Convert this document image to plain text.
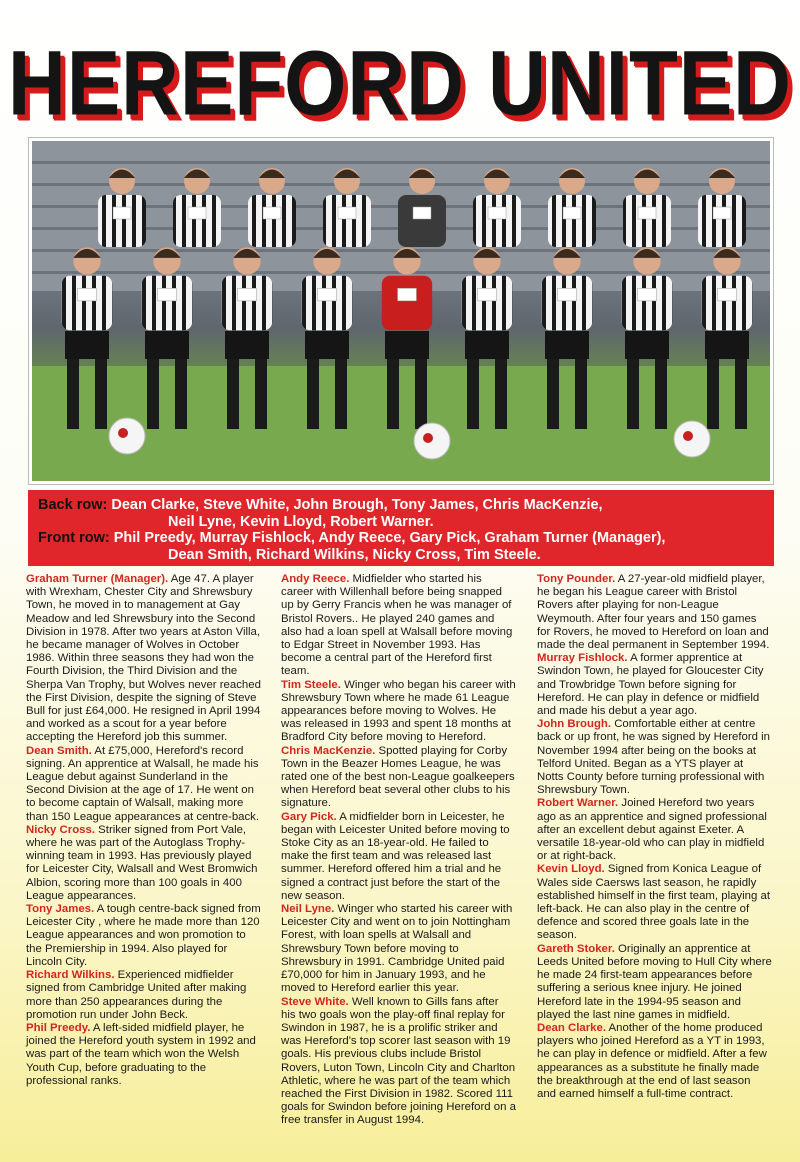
HEREFORD UNITED
Back row: Dean Clarke, Steve White, John Brough, Tony James, Chris MacKenzie,
Neil Lyne, Kevin Lloyd, Robert Warner.
Front row: Phil Preedy, Murray Fishlock, Andy Reece, Gary Pick, Graham Turner (Manager),
Dean Smith, Richard Wilkins, Nicky Cross, Tim Steele.

Graham Turner (Manager). Age 47. A player with Wrexham, Chester City and Shrewsbury Town, he moved in to management at Gay Meadow and led Shrewsbury into the Second Division in 1978. After two years at Aston Villa, he became manager of Wolves in October 1986. Within three seasons they had won the Fourth Division, the Third Division and the Sherpa Van Trophy, but Wolves never reached the First Division, despite the signing of Steve Bull for just £64,000. He resigned in April 1994 and worked as a scout for a year before accepting the Hereford job this summer.

Dean Smith. At £75,000, Hereford's record signing. An apprentice at Walsall, he made his League debut against Sunderland in the Second Division at the age of 17. He went on to become captain of Walsall, making more than 150 League appearances at centre-back.

Nicky Cross. Striker signed from Port Vale, where he was part of the Autoglass Trophy-winning team in 1993. Has previously played for Leicester City, Walsall and West Bromwich Albion, scoring more than 100 goals in 400 League appearances.

Tony James. A tough centre-back signed from Leicester City , where he made more than 120 League appearances and won promotion to the Premiership in 1994. Also played for Lincoln City.

Richard Wilkins. Experienced midfielder signed from Cambridge United after making more than 250 appearances during the promotion run under John Beck.

Phil Preedy. A left-sided midfield player, he joined the Hereford youth system in 1992 and was part of the team which won the Welsh Youth Cup, before graduating to the professional ranks.

Andy Reece. Midfielder who started his career with Willenhall before being snapped up by Gerry Francis when he was manager of Bristol Rovers.. He played 240 games and also had a loan spell at Walsall before moving to Edgar Street in November 1993. Has become a central part of the Hereford first team.

Tim Steele. Winger who began his career with Shrewsbury Town where he made 61 League appearances before moving to Wolves. He was released in 1993 and spent 18 months at Bradford City before moving to Hereford.

Chris MacKenzie. Spotted playing for Corby Town in the Beazer Homes League, he was rated one of the best non-League goalkeepers when Hereford beat several other clubs to his signature.

Gary Pick. A midfielder born in Leicester, he began with Leicester United before moving to Stoke City as an 18-year-old. He failed to make the first team and was released last summer. Hereford offered him a trial and he signed a contract just before the start of the new season.

Neil Lyne. Winger who started his career with Leicester City and went on to join Nottingham Forest, with loan spells at Walsall and Shrewsbury Town before moving to Shrewsbury in 1991. Cambridge United paid £70,000 for him in January 1993, and he moved to Hereford earlier this year.

Steve White. Well known to Gills fans after his two goals won the play-off final replay for Swindon in 1987, he is a prolific striker and was Hereford's top scorer last season with 19 goals. His previous clubs include Bristol Rovers, Luton Town, Lincoln City and Charlton Athletic, where he was part of the team which reached the First Division in 1982. Scored 111 goals for Swindon before joining Hereford on a free transfer in August 1994.

Tony Pounder. A 27-year-old midfield player, he began his League career with Bristol Rovers after playing for non-League Weymouth. After four years and 150 games for Rovers, he moved to Hereford on loan and made the deal permanent in September 1994.

Murray Fishlock. A former apprentice at Swindon Town, he played for Gloucester City and Trowbridge Town before signing for Hereford. He can play in defence or midfield and made his debut a year ago.

John Brough. Comfortable either at centre back or up front, he was signed by Hereford in November 1994 after being on the books at Telford United. Began as a YTS player at Notts County before turning professional with Shrewsbury Town.

Robert Warner. Joined Hereford two years ago as an apprentice and signed professional after an excellent debut against Exeter. A versatile 18-year-old who can play in midfield or at right-back.

Kevin Lloyd. Signed from Konica League of Wales side Caersws last season, he rapidly established himself in the first team, playing at left-back. He can also play in the centre of defence and scored three goals late in the season.

Gareth Stoker. Originally an apprentice at Leeds United before moving to Hull City where he made 24 first-team appearances before suffering a serious knee injury. He joined Hereford late in the 1994-95 season and played the last nine games in midfield.

Dean Clarke. Another of the home produced players who joined Hereford as a YT in 1993, he can play in defence or midfield. After a few appearances as a substitute he finally made the breakthrough at the end of last season and earned himself a full-time contract.
